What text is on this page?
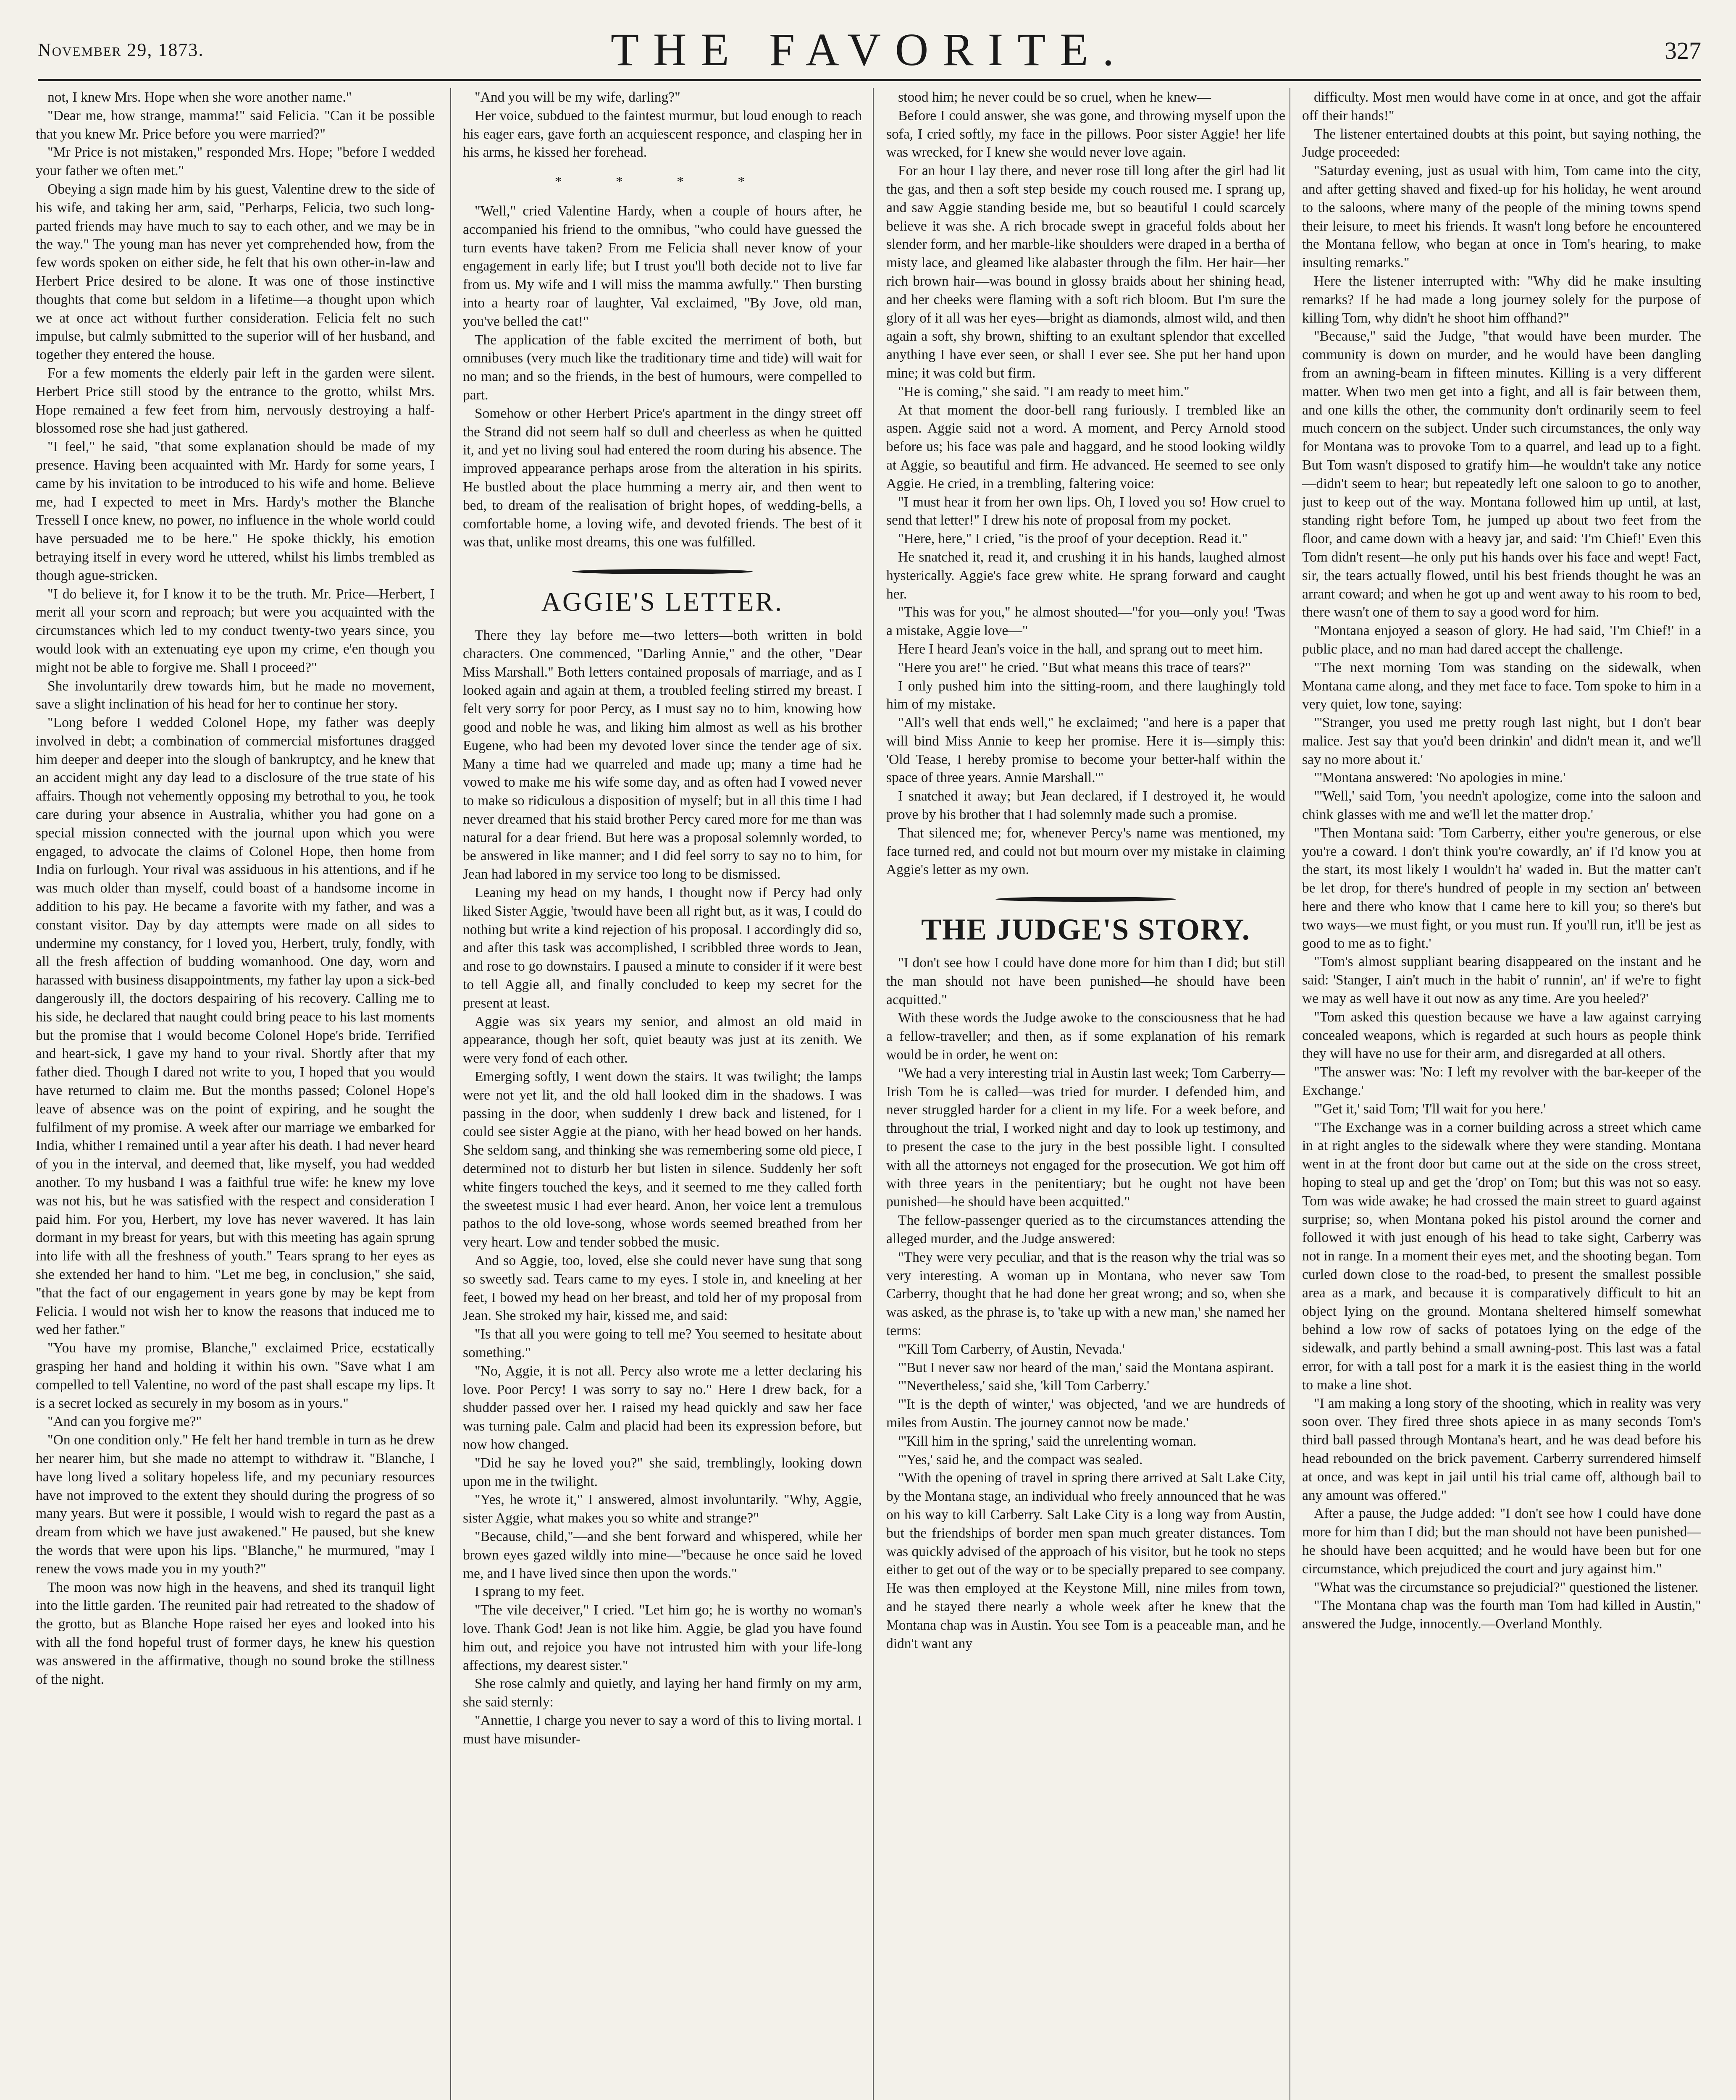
November 29, 1873.	THE FAVORITE.	327

not, I knew Mrs. Hope when she wore another name."

"Dear me, how strange, mamma!" said Felicia. "Can it be possible that you knew Mr. Price before you were married?"

"Mr Price is not mistaken," responded Mrs. Hope; "before I wedded your father we often met."

Obeying a sign made him by his guest, Valentine drew to the side of his wife, and taking her arm, said, "Perharps, Felicia, two such long-parted friends may have much to say to each other, and we may be in the way." The young man has never yet comprehended how, from the few words spoken on either side, he felt that his own other-in-law and Herbert Price desired to be alone. It was one of those instinctive thoughts that come but seldom in a lifetime—a thought upon which we at once act without further consideration. Felicia felt no such impulse, but calmly submitted to the superior will of her husband, and together they entered the house.

For a few moments the elderly pair left in the garden were silent. Herbert Price still stood by the entrance to the grotto, whilst Mrs. Hope remained a few feet from him, nervously destroying a half-blossomed rose she had just gathered.

"I feel," he said, "that some explanation should be made of my presence. Having been acquainted with Mr. Hardy for some years, I came by his invitation to be introduced to his wife and home. Believe me, had I expected to meet in Mrs. Hardy's mother the Blanche Tressell I once knew, no power, no influence in the whole world could have persuaded me to be here." He spoke thickly, his emotion betraying itself in every word he uttered, whilst his limbs trembled as though ague-stricken.

"I do believe it, for I know it to be the truth. Mr. Price—Herbert, I merit all your scorn and reproach; but were you acquainted with the circumstances which led to my conduct twenty-two years since, you would look with an extenuating eye upon my crime, e'en though you might not be able to forgive me. Shall I proceed?"

She involuntarily drew towards him, but he made no movement, save a slight inclination of his head for her to continue her story.

"Long before I wedded Colonel Hope, my father was deeply involved in debt; a combination of commercial misfortunes dragged him deeper and deeper into the slough of bankruptcy, and he knew that an accident might any day lead to a disclosure of the true state of his affairs. Though not vehemently opposing my betrothal to you, he took care during your absence in Australia, whither you had gone on a special mission connected with the journal upon which you were engaged, to advocate the claims of Colonel Hope, then home from India on furlough. Your rival was assiduous in his attentions, and if he was much older than myself, could boast of a handsome income in addition to his pay. He became a favorite with my father, and was a constant visitor. Day by day attempts were made on all sides to undermine my constancy, for I loved you, Herbert, truly, fondly, with all the fresh affection of budding womanhood. One day, worn and harassed with business disappointments, my father lay upon a sick-bed dangerously ill, the doctors despairing of his recovery. Calling me to his side, he declared that naught could bring peace to his last moments but the promise that I would become Colonel Hope's bride. Terrified and heart-sick, I gave my hand to your rival. Shortly after that my father died. Though I dared not write to you, I hoped that you would have returned to claim me. But the months passed; Colonel Hope's leave of absence was on the point of expiring, and he sought the fulfilment of my promise. A week after our marriage we embarked for India, whither I remained until a year after his death. I had never heard of you in the interval, and deemed that, like myself, you had wedded another. To my husband I was a faithful true wife: he knew my love was not his, but he was satisfied with the respect and consideration I paid him. For you, Herbert, my love has never wavered. It has lain dormant in my breast for years, but with this meeting has again sprung into life with all the freshness of youth." Tears sprang to her eyes as she extended her hand to him. "Let me beg, in conclusion," she said, "that the fact of our engagement in years gone by may be kept from Felicia. I would not wish her to know the reasons that induced me to wed her father."

"You have my promise, Blanche," exclaimed Price, ecstatically grasping her hand and holding it within his own. "Save what I am compelled to tell Valentine, no word of the past shall escape my lips. It is a secret locked as securely in my bosom as in yours."

"And can you forgive me?"

"On one condition only." He felt her hand tremble in turn as he drew her nearer him, but she made no attempt to withdraw it. "Blanche, I have long lived a solitary hopeless life, and my pecuniary resources have not improved to the extent they should during the progress of so many years. But were it possible, I would wish to regard the past as a dream from which we have just awakened." He paused, but she knew the words that were upon his lips. "Blanche," he murmured, "may I renew the vows made you in my youth?"

The moon was now high in the heavens, and shed its tranquil light into the little garden. The reunited pair had retreated to the shadow of the grotto, but as Blanche Hope raised her eyes and looked into his with all the fond hopeful trust of former days, he knew his question was answered in the affirmative, though no sound broke the stillness of the night.

"And you will be my wife, darling?"

Her voice, subdued to the faintest murmur, but loud enough to reach his eager ears, gave forth an acquiescent responce, and clasping her in his arms, he kissed her forehead.

* * * *

"Well," cried Valentine Hardy, when a couple of hours after, he accompanied his friend to the omnibus, "who could have guessed the turn events have taken? From me Felicia shall never know of your engagement in early life; but I trust you'll both decide not to live far from us. My wife and I will miss the mamma awfully." Then bursting into a hearty roar of laughter, Val exclaimed, "By Jove, old man, you've belled the cat!"

The application of the fable excited the merriment of both, but omnibuses (very much like the traditionary time and tide) will wait for no man; and so the friends, in the best of humours, were compelled to part.

Somehow or other Herbert Price's apartment in the dingy street off the Strand did not seem half so dull and cheerless as when he quitted it, and yet no living soul had entered the room during his absence. The improved appearance perhaps arose from the alteration in his spirits. He bustled about the place humming a merry air, and then went to bed, to dream of the realisation of bright hopes, of wedding-bells, a comfortable home, a loving wife, and devoted friends. The best of it was that, unlike most dreams, this one was fulfilled.

AGGIE'S LETTER.

There they lay before me—two letters—both written in bold characters. One commenced, "Darling Annie," and the other, "Dear Miss Marshall." Both letters contained proposals of marriage, and as I looked again and again at them, a troubled feeling stirred my breast. I felt very sorry for poor Percy, as I must say no to him, knowing how good and noble he was, and liking him almost as well as his brother Eugene, who had been my devoted lover since the tender age of six. Many a time had we quarreled and made up; many a time had he vowed to make me his wife some day, and as often had I vowed never to make so ridiculous a disposition of myself; but in all this time I had never dreamed that his staid brother Percy cared more for me than was natural for a dear friend. But here was a proposal solemnly worded, to be answered in like manner; and I did feel sorry to say no to him, for Jean had labored in my service too long to be dismissed.

Leaning my head on my hands, I thought now if Percy had only liked Sister Aggie, 'twould have been all right but, as it was, I could do nothing but write a kind rejection of his proposal. I accordingly did so, and after this task was accomplished, I scribbled three words to Jean, and rose to go downstairs. I paused a minute to consider if it were best to tell Aggie all, and finally concluded to keep my secret for the present at least.

Aggie was six years my senior, and almost an old maid in appearance, though her soft, quiet beauty was just at its zenith. We were very fond of each other.

Emerging softly, I went down the stairs. It was twilight; the lamps were not yet lit, and the old hall looked dim in the shadows. I was passing in the door, when suddenly I drew back and listened, for I could see sister Aggie at the piano, with her head bowed on her hands. She seldom sang, and thinking she was remembering some old piece, I determined not to disturb her but listen in silence. Suddenly her soft white fingers touched the keys, and it seemed to me they called forth the sweetest music I had ever heard. Anon, her voice lent a tremulous pathos to the old love-song, whose words seemed breathed from her very heart. Low and tender sobbed the music.

And so Aggie, too, loved, else she could never have sung that song so sweetly sad. Tears came to my eyes. I stole in, and kneeling at her feet, I bowed my head on her breast, and told her of my proposal from Jean. She stroked my hair, kissed me, and said:

"Is that all you were going to tell me? You seemed to hesitate about something."

"No, Aggie, it is not all. Percy also wrote me a letter declaring his love. Poor Percy! I was sorry to say no." Here I drew back, for a shudder passed over her. I raised my head quickly and saw her face was turning pale. Calm and placid had been its expression before, but now how changed.

"Did he say he loved you?" she said, tremblingly, looking down upon me in the twilight.

"Yes, he wrote it," I answered, almost involuntarily. "Why, Aggie, sister Aggie, what makes you so white and strange?"

"Because, child,"—and she bent forward and whispered, while her brown eyes gazed wildly into mine—"because he once said he loved me, and I have lived since then upon the words."

I sprang to my feet.

"The vile deceiver," I cried. "Let him go; he is worthy no woman's love. Thank God! Jean is not like him. Aggie, be glad you have found him out, and rejoice you have not intrusted him with your life-long affections, my dearest sister."

She rose calmly and quietly, and laying her hand firmly on my arm, she said sternly:

"Annettie, I charge you never to say a word of this to living mortal. I must have misunder-

stood him; he never could be so cruel, when he knew—

Before I could answer, she was gone, and throwing myself upon the sofa, I cried softly, my face in the pillows. Poor sister Aggie! her life was wrecked, for I knew she would never love again.

For an hour I lay there, and never rose till long after the girl had lit the gas, and then a soft step beside my couch roused me. I sprang up, and saw Aggie standing beside me, but so beautiful I could scarcely believe it was she. A rich brocade swept in graceful folds about her slender form, and her marble-like shoulders were draped in a bertha of misty lace, and gleamed like alabaster through the film. Her hair—her rich brown hair—was bound in glossy braids about her shining head, and her cheeks were flaming with a soft rich bloom. But I'm sure the glory of it all was her eyes—bright as diamonds, almost wild, and then again a soft, shy brown, shifting to an exultant splendor that excelled anything I have ever seen, or shall I ever see. She put her hand upon mine; it was cold but firm.

"He is coming," she said. "I am ready to meet him."

At that moment the door-bell rang furiously. I trembled like an aspen. Aggie said not a word. A moment, and Percy Arnold stood before us; his face was pale and haggard, and he stood looking wildly at Aggie, so beautiful and firm. He advanced. He seemed to see only Aggie. He cried, in a trembling, faltering voice:

"I must hear it from her own lips. Oh, I loved you so! How cruel to send that letter!" I drew his note of proposal from my pocket.

"Here, here," I cried, "is the proof of your deception. Read it."

He snatched it, read it, and crushing it in his hands, laughed almost hysterically. Aggie's face grew white. He sprang forward and caught her.

"This was for you," he almost shouted—"for you—only you! 'Twas a mistake, Aggie love—"

Here I heard Jean's voice in the hall, and sprang out to meet him.

"Here you are!" he cried. "But what means this trace of tears?"

I only pushed him into the sitting-room, and there laughingly told him of my mistake.

"All's well that ends well," he exclaimed; "and here is a paper that will bind Miss Annie to keep her promise. Here it is—simply this: 'Old Tease, I hereby promise to become your better-half within the space of three years. Annie Marshall.'"

I snatched it away; but Jean declared, if I destroyed it, he would prove by his brother that I had solemnly made such a promise.

That silenced me; for, whenever Percy's name was mentioned, my face turned red, and could not but mourn over my mistake in claiming Aggie's letter as my own.

THE JUDGE'S STORY.

"I don't see how I could have done more for him than I did; but still the man should not have been punished—he should have been acquitted."

With these words the Judge awoke to the consciousness that he had a fellow-traveller; and then, as if some explanation of his remark would be in order, he went on:

"We had a very interesting trial in Austin last week; Tom Carberry—Irish Tom he is called—was tried for murder. I defended him, and never struggled harder for a client in my life. For a week before, and throughout the trial, I worked night and day to look up testimony, and to present the case to the jury in the best possible light. I consulted with all the attorneys not engaged for the prosecution. We got him off with three years in the penitentiary; but he ought not have been punished—he should have been acquitted."

The fellow-passenger queried as to the circumstances attending the alleged murder, and the Judge answered:

"They were very peculiar, and that is the reason why the trial was so very interesting. A woman up in Montana, who never saw Tom Carberry, thought that he had done her great wrong; and so, when she was asked, as the phrase is, to 'take up with a new man,' she named her terms:

"'Kill Tom Carberry, of Austin, Nevada.'

"'But I never saw nor heard of the man,' said the Montana aspirant.

"'Nevertheless,' said she, 'kill Tom Carberry.'

"'It is the depth of winter,' was objected, 'and we are hundreds of miles from Austin. The journey cannot now be made.'

"'Kill him in the spring,' said the unrelenting woman.

"'Yes,' said he, and the compact was sealed.

"With the opening of travel in spring there arrived at Salt Lake City, by the Montana stage, an individual who freely announced that he was on his way to kill Carberry. Salt Lake City is a long way from Austin, but the friendships of border men span much greater distances. Tom was quickly advised of the approach of his visitor, but he took no steps either to get out of the way or to be specially prepared to see company. He was then employed at the Keystone Mill, nine miles from town, and he stayed there nearly a whole week after he knew that the Montana chap was in Austin. You see Tom is a peaceable man, and he didn't want any

difficulty. Most men would have come in at once, and got the affair off their hands!"

The listener entertained doubts at this point, but saying nothing, the Judge proceeded:

"Saturday evening, just as usual with him, Tom came into the city, and after getting shaved and fixed-up for his holiday, he went around to the saloons, where many of the people of the mining towns spend their leisure, to meet his friends. It wasn't long before he encountered the Montana fellow, who began at once in Tom's hearing, to make insulting remarks."

Here the listener interrupted with: "Why did he make insulting remarks? If he had made a long journey solely for the purpose of killing Tom, why didn't he shoot him offhand?"

"Because," said the Judge, "that would have been murder. The community is down on murder, and he would have been dangling from an awning-beam in fifteen minutes. Killing is a very different matter. When two men get into a fight, and all is fair between them, and one kills the other, the community don't ordinarily seem to feel much concern on the subject. Under such circumstances, the only way for Montana was to provoke Tom to a quarrel, and lead up to a fight. But Tom wasn't disposed to gratify him—he wouldn't take any notice—didn't seem to hear; but repeatedly left one saloon to go to another, just to keep out of the way. Montana followed him up until, at last, standing right before Tom, he jumped up about two feet from the floor, and came down with a heavy jar, and said: 'I'm Chief!' Even this Tom didn't resent—he only put his hands over his face and wept! Fact, sir, the tears actually flowed, until his best friends thought he was an arrant coward; and when he got up and went away to his room to bed, there wasn't one of them to say a good word for him.

"Montana enjoyed a season of glory. He had said, 'I'm Chief!' in a public place, and no man had dared accept the challenge.

"The next morning Tom was standing on the sidewalk, when Montana came along, and they met face to face. Tom spoke to him in a very quiet, low tone, saying:

"'Stranger, you used me pretty rough last night, but I don't bear malice. Jest say that you'd been drinkin' and didn't mean it, and we'll say no more about it.'

"'Montana answered: 'No apologies in mine.'

"'Well,' said Tom, 'you needn't apologize, come into the saloon and chink glasses with me and we'll let the matter drop.'

"Then Montana said: 'Tom Carberry, either you're generous, or else you're a coward. I don't think you're cowardly, an' if I'd know you at the start, its most likely I wouldn't ha' waded in. But the matter can't be let drop, for there's hundred of people in my section an' between here and there who know that I came here to kill you; so there's but two ways—we must fight, or you must run. If you'll run, it'll be jest as good to me as to fight.'

"Tom's almost suppliant bearing disappeared on the instant and he said: 'Stanger, I ain't much in the habit o' runnin', an' if we're to fight we may as well have it out now as any time. Are you heeled?'

"Tom asked this question because we have a law against carrying concealed weapons, which is regarded at such hours as people think they will have no use for their arm, and disregarded at all others.

"The answer was: 'No: I left my revolver with the bar-keeper of the Exchange.'

"'Get it,' said Tom; 'I'll wait for you here.'

"The Exchange was in a corner building across a street which came in at right angles to the sidewalk where they were standing. Montana went in at the front door but came out at the side on the cross street, hoping to steal up and get the 'drop' on Tom; but this was not so easy. Tom was wide awake; he had crossed the main street to guard against surprise; so, when Montana poked his pistol around the corner and followed it with just enough of his head to take sight, Carberry was not in range. In a moment their eyes met, and the shooting began. Tom curled down close to the road-bed, to present the smallest possible area as a mark, and because it is comparatively difficult to hit an object lying on the ground. Montana sheltered himself somewhat behind a low row of sacks of potatoes lying on the edge of the sidewalk, and partly behind a small awning-post. This last was a fatal error, for with a tall post for a mark it is the easiest thing in the world to make a line shot.

"I am making a long story of the shooting, which in reality was very soon over. They fired three shots apiece in as many seconds Tom's third ball passed through Montana's heart, and he was dead before his head rebounded on the brick pavement. Carberry surrendered himself at once, and was kept in jail until his trial came off, although bail to any amount was offered."

After a pause, the Judge added: "I don't see how I could have done more for him than I did; but the man should not have been punished—he should have been acquitted; and he would have been but for one circumstance, which prejudiced the court and jury against him."

"What was the circumstance so prejudicial?" questioned the listener.

"The Montana chap was the fourth man Tom had killed in Austin," answered the Judge, innocently.—Overland Monthly.
